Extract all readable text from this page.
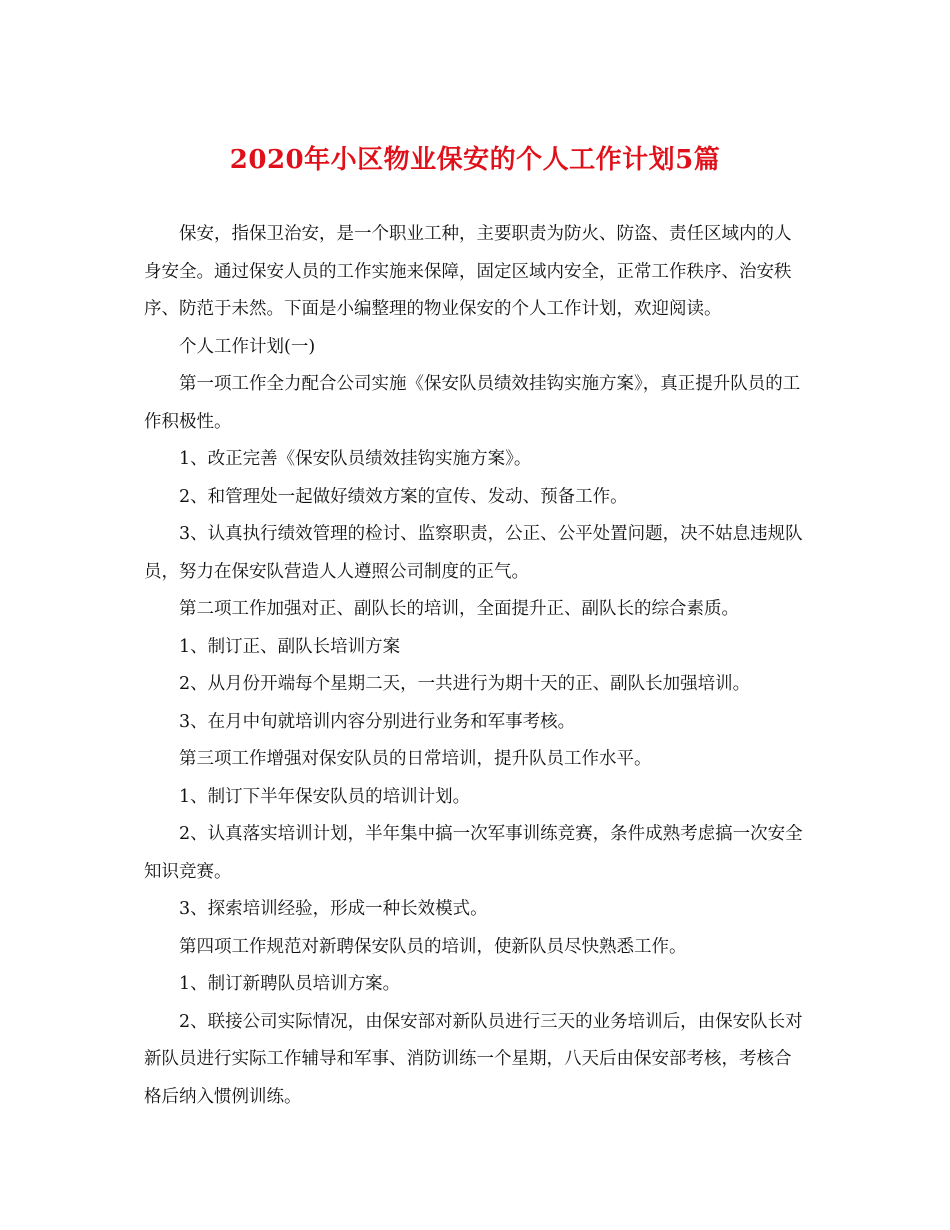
2020年小区物业保安的个人工作计划5篇

保安，指保卫治安，是一个职业工种，主要职责为防火、防盗、责任区域内的人身安全。通过保安人员的工作实施来保障，固定区域内安全，正常工作秩序、治安秩序、防范于未然。下面是小编整理的物业保安的个人工作计划，欢迎阅读。

个人工作计划(一)

第一项工作全力配合公司实施《保安队员绩效挂钩实施方案》，真正提升队员的工作积极性。

1、改正完善《保安队员绩效挂钩实施方案》。

2、和管理处一起做好绩效方案的宣传、发动、预备工作。

3、认真执行绩效管理的检讨、监察职责，公正、公平处置问题，决不姑息违规队员，努力在保安队营造人人遵照公司制度的正气。

第二项工作加强对正、副队长的培训，全面提升正、副队长的综合素质。

1、制订正、副队长培训方案

2、从月份开端每个星期二天，一共进行为期十天的正、副队长加强培训。

3、在月中旬就培训内容分别进行业务和军事考核。

第三项工作增强对保安队员的日常培训，提升队员工作水平。

1、制订下半年保安队员的培训计划。

2、认真落实培训计划，半年集中搞一次军事训练竞赛，条件成熟考虑搞一次安全知识竞赛。

3、探索培训经验，形成一种长效模式。

第四项工作规范对新聘保安队员的培训，使新队员尽快熟悉工作。

1、制订新聘队员培训方案。

2、联接公司实际情况，由保安部对新队员进行三天的业务培训后，由保安队长对新队员进行实际工作辅导和军事、消防训练一个星期，八天后由保安部考核，考核合格后纳入惯例训练。
